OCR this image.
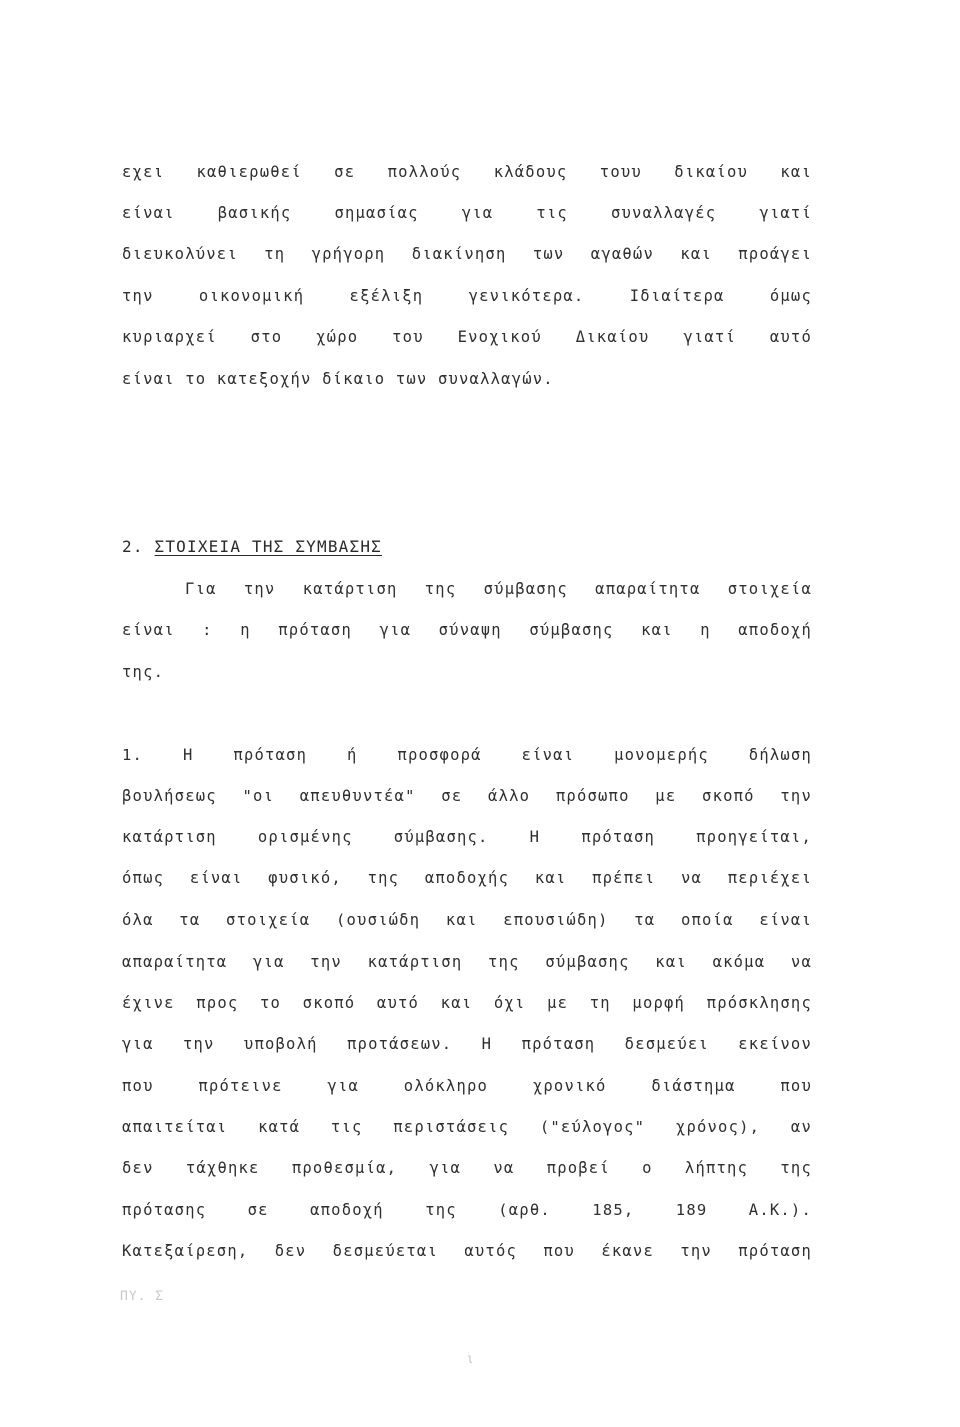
εχει καθιερωθεί σε πολλούς κλάδους τουυ δικαίου και
είναι βασικής σημασίας για τις συναλλαγές γιατί
διευκολύνει τη γρήγορη διακίνηση των αγαθών και προάγει
την οικονομική εξέλιξη γενικότερα. Ιδιαίτερα όμως
κυριαρχεί στο χώρο του Ενοχικού Δικαίου γιατί αυτό
είναι το κατεξοχήν δίκαιο των συναλλαγών.
2. ΣΤΟΙΧΕΙΑ ΤΗΣ ΣΥΜΒΑΣΗΣ
Για την κατάρτιση της σύμβασης απαραίτητα στοιχεία
είναι : η πρόταση για σύναψη σύμβασης και η αποδοχή
της.
1. Η πρόταση ή προσφορά είναι μονομερής δήλωση
βουλήσεως "οι απευθυντέα" σε άλλο πρόσωπο με σκοπό την
κατάρτιση ορισμένης σύμβασης. Η πρόταση προηγείται,
όπως είναι φυσικό, της αποδοχής και πρέπει να περιέχει
όλα τα στοιχεία (ουσιώδη και επουσιώδη) τα οποία είναι
απαραίτητα για την κατάρτιση της σύμβασης και ακόμα να
έχινε προς το σκοπό αυτό και όχι με τη μορφή πρόσκλησης
για την υποβολή προτάσεων. Η πρόταση δεσμεύει εκείνον
που πρότεινε για ολόκληρο χρονικό διάστημα που
απαιτείται κατά τις περιστάσεις ("εύλογος" χρόνος), αν
δεν τάχθηκε προθεσμία, για να προβεί ο λήπτης της
πρότασης σε αποδοχή της (αρθ. 185, 189 Α.Κ.).
Κατεξαίρεση, δεν δεσμεύεται αυτός που έκανε την πρόταση
ΠΥ. Σ
ι
